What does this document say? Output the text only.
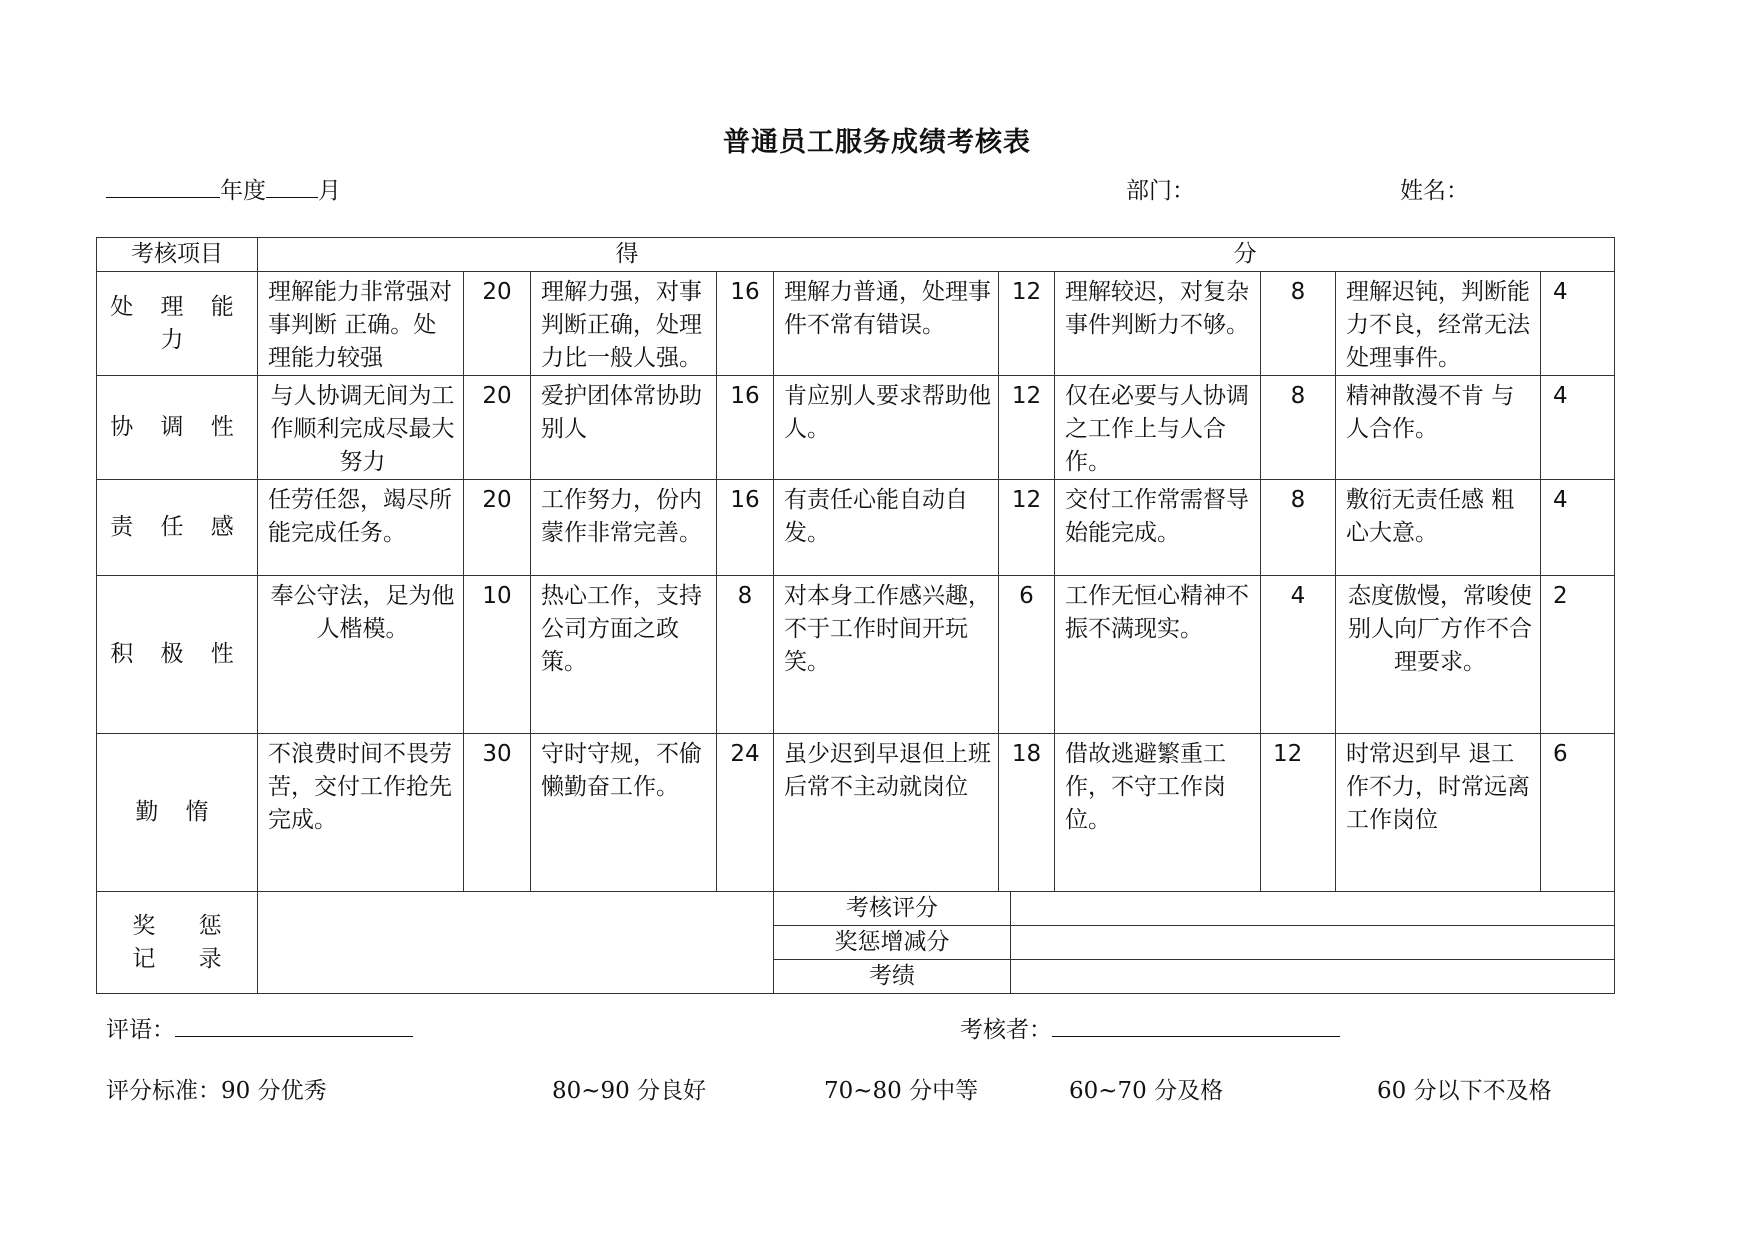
普通员工服务成绩考核表
年度 月	部门：	姓名：
考核项目	得	分

处 理 能 力	理解能力非常强对事判断 正确。处理能力较强	20	理解力强，对事判断正确，处理力比一般人强。	16	理解力普通，处理事件不常有错误。	12	理解较迟，对复杂事件判断力不够。	8	理解迟钝，判断能力不良，经常无法 处理事件。	4
协 调 性	与人协调无间为工作顺利完成尽最大努力	20	爱护团体常协助别人	16	肯应别人要求帮助他人。	12	仅在必要与人协调之工作上与人合作。	8	精神散漫不肯 与人合作。	4
责 任 感	任劳任怨，竭尽所能完成任务。	20	工作努力，份内蒙作非常完善。	16	有责任心能自动自发。	12	交付工作常需督导始能完成。	8	敷衍无责任感 粗心大意。	4
积 极 性	奉公守法，足为他人楷模。	10	热心工作，支持公司方面之政策。	8	对本身工作感兴趣，不于工作时间开玩笑。	6	工作无恒心精神不振不满现实。	4	态度傲慢，常唆使别人向厂方作不合理要求。	2
勤 惰	不浪费时间不畏劳苦，交付工作抢先完成。	30	守时守规，不偷懒勤奋工作。	24	虽少迟到早退但上班后常不主动就岗位	18	借故逃避繁重工作，不守工作岗位。	12	时常迟到早 退工作不力，时常远离工作岗位	6
奖 惩 记 录		
考核评分	
奖惩增减分	
考绩	
评语：	考核者：
评分标准：90 分优秀	80~90 分良好	70~80 分中等	60~70 分及格	60 分以下不及格
